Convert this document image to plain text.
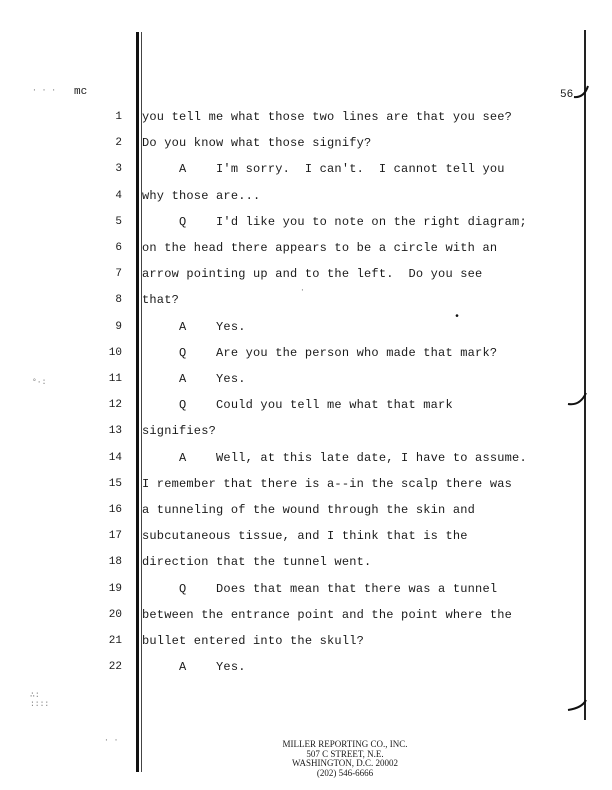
mc	56
· · ·
°·:
∴:
::::
· ·
·
•
1 you tell me what those two lines are that you see?
2 Do you know what those signify?
3 A    I'm sorry.  I can't.  I cannot tell you
4 why those are...
5 Q    I'd like you to note on the right diagram;
6 on the head there appears to be a circle with an
7 arrow pointing up and to the left.  Do you see
8 that?
9 A    Yes.
10 Q    Are you the person who made that mark?
11 A    Yes.
12 Q    Could you tell me what that mark
13 signifies?
14 A    Well, at this late date, I have to assume.
15 I remember that there is a--in the scalp there was
16 a tunneling of the wound through the skin and
17 subcutaneous tissue, and I think that is the
18 direction that the tunnel went.
19 Q    Does that mean that there was a tunnel
20 between the entrance point and the point where the
21 bullet entered into the skull?
22 A    Yes.
MILLER REPORTING CO., INC.
507 C STREET, N.E.
WASHINGTON, D.C. 20002
(202) 546-6666
